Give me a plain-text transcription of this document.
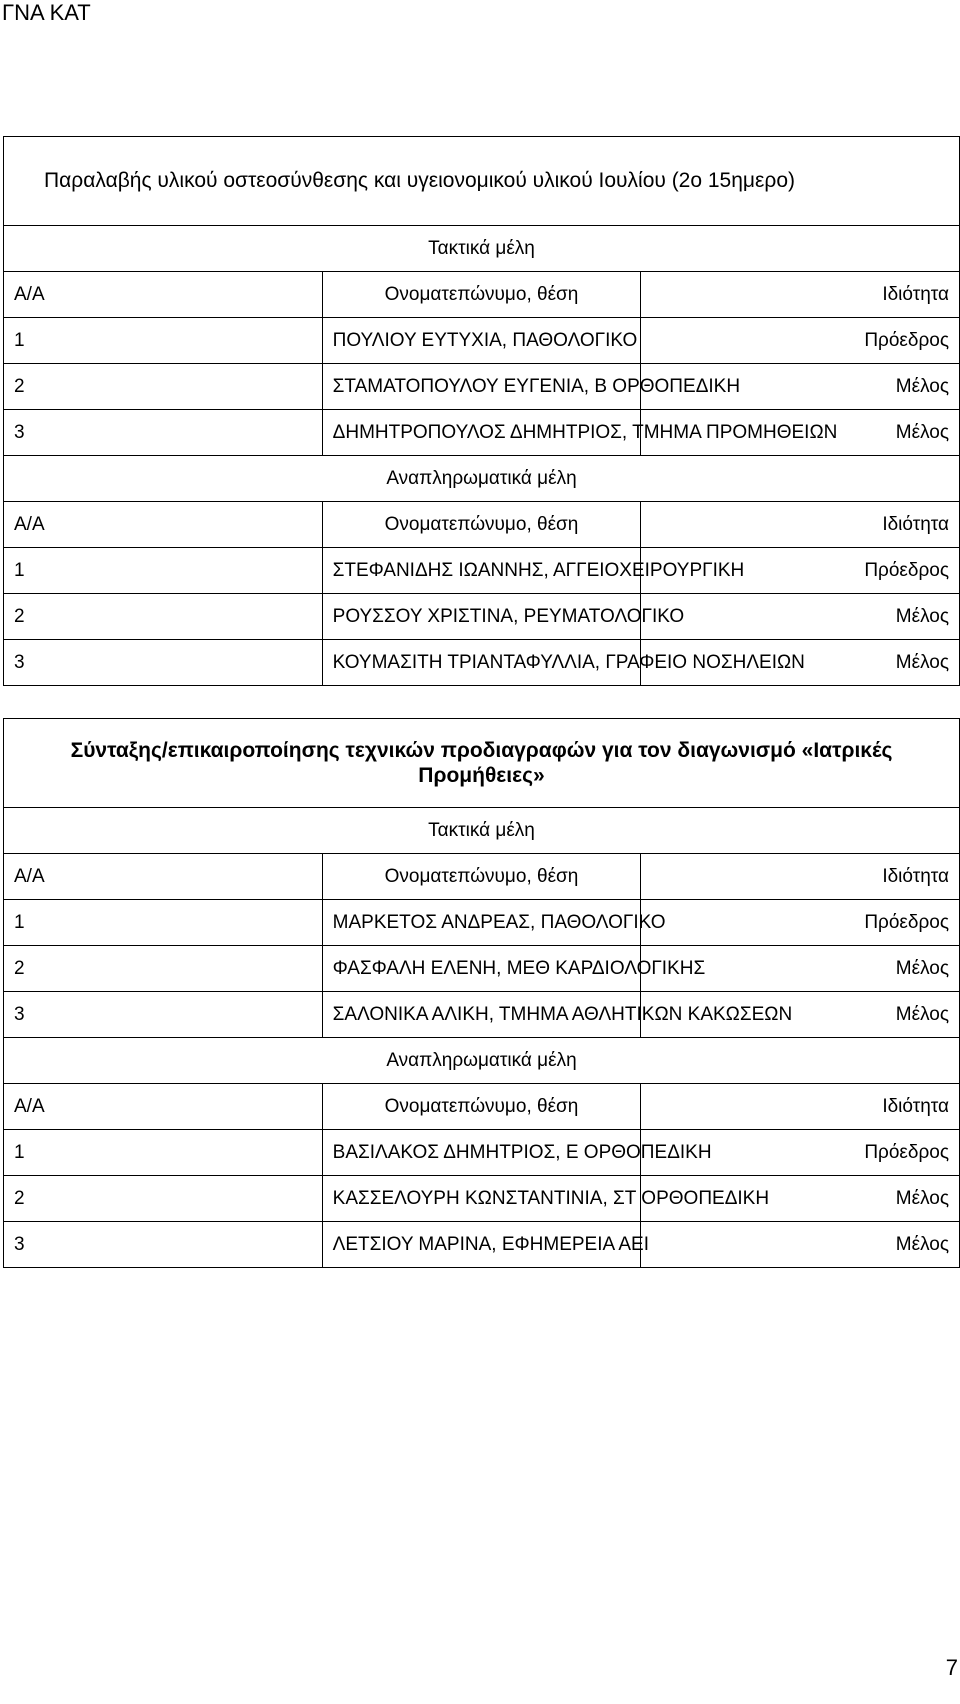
ΓΝΑ ΚΑΤ
Παραλαβής υλικού οστεοσύνθεσης και υγειονομικού υλικού Ιουλίου (2ο 15ημερο)		
Τακτικά μέλη		
Α/Α	Ονοματεπώνυμο, θέση	Ιδιότητα
1	ΠΟΥΛΙΟΥ ΕΥΤΥΧΙΑ, ΠΑΘΟΛΟΓΙΚΟ	Πρόεδρος
2	ΣΤΑΜΑΤΟΠΟΥΛΟΥ ΕΥΓΕΝΙΑ, Β ΟΡΘΟΠΕΔΙΚΗ	Μέλος
3	ΔΗΜΗΤΡΟΠΟΥΛΟΣ ΔΗΜΗΤΡΙΟΣ, ΤΜΗΜΑ ΠΡΟΜΗΘΕΙΩΝ	Μέλος
Αναπληρωματικά μέλη		
Α/Α	Ονοματεπώνυμο, θέση	Ιδιότητα
1	ΣΤΕΦΑΝΙΔΗΣ ΙΩΑΝΝΗΣ, ΑΓΓΕΙΟΧΕΙΡΟΥΡΓΙΚΗ	Πρόεδρος
2	ΡΟΥΣΣΟΥ ΧΡΙΣΤΙΝΑ, ΡΕΥΜΑΤΟΛΟΓΙΚΟ	Μέλος
3	ΚΟΥΜΑΣΙΤΗ ΤΡΙΑΝΤΑΦΥΛΛΙΑ, ΓΡΑΦΕΙΟ ΝΟΣΗΛΕΙΩΝ	Μέλος
Σύνταξης/επικαιροποίησης τεχνικών προδιαγραφών για τον διαγωνισμό «Ιατρικές Προμήθειες»		
Τακτικά μέλη		
Α/Α	Ονοματεπώνυμο, θέση	Ιδιότητα
1	ΜΑΡΚΕΤΟΣ ΑΝΔΡΕΑΣ, ΠΑΘΟΛΟΓΙΚΟ	Πρόεδρος
2	ΦΑΣΦΑΛΗ ΕΛΕΝΗ, ΜΕΘ ΚΑΡΔΙΟΛΟΓΙΚΗΣ	Μέλος
3	ΣΑΛΟΝΙΚΑ ΑΛΙΚΗ, ΤΜΗΜΑ ΑΘΛΗΤΙΚΩΝ ΚΑΚΩΣΕΩΝ	Μέλος
Αναπληρωματικά μέλη		
Α/Α	Ονοματεπώνυμο, θέση	Ιδιότητα
1	ΒΑΣΙΛΑΚΟΣ ΔΗΜΗΤΡΙΟΣ, Ε ΟΡΘΟΠΕΔΙΚΗ	Πρόεδρος
2	ΚΑΣΣΕΛΟΥΡΗ ΚΩΝΣΤΑΝΤΙΝΙΑ, ΣΤ ΟΡΘΟΠΕΔΙΚΗ	Μέλος
3	ΛΕΤΣΙΟΥ ΜΑΡΙΝΑ, ΕΦΗΜΕΡΕΙΑ ΑΕΙ	Μέλος
7
